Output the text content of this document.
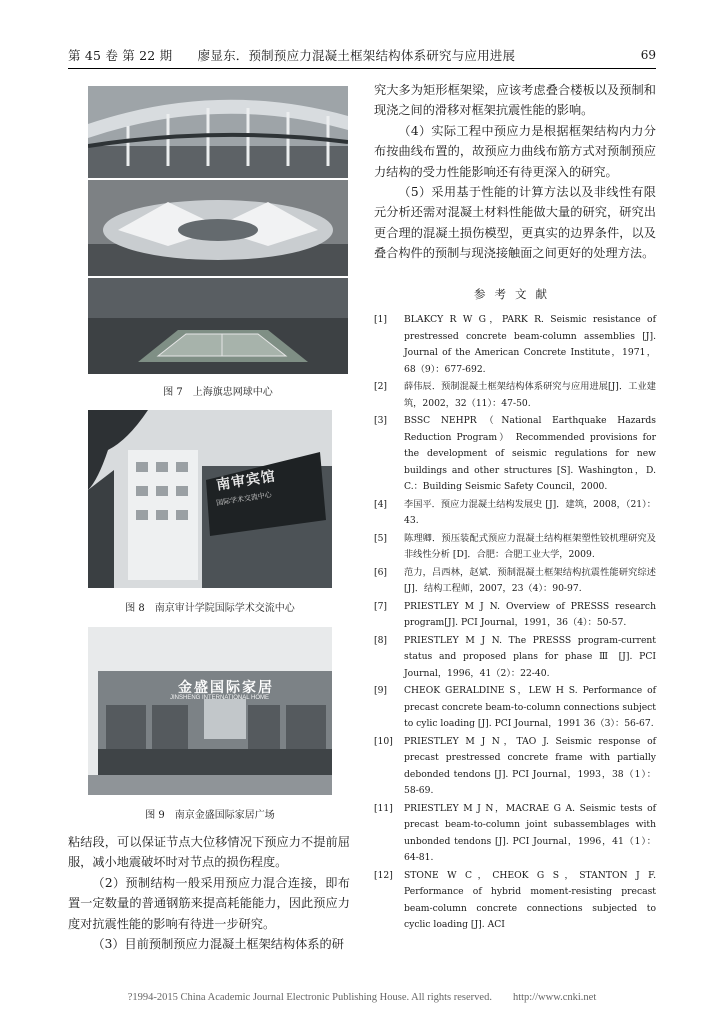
第 45 卷 第 22 期　　廖显东．预制预应力混凝土框架结构体系研究与应用进展	69
图 7　上海旗忠网球中心
南审宾馆
国际学术交流中心
图 8　南京审计学院国际学术交流中心
金盛国际家居
JINSHENG INTERNATIONAL HOME
图 9　南京金盛国际家居广场

粘结段，可以保证节点大位移情况下预应力不提前屈服，减小地震破坏时对节点的损伤程度。

（2）预制结构一般采用预应力混合连接，即布置一定数量的普通钢筋来提高耗能能力，因此预应力度对抗震性能的影响有待进一步研究。

（3）目前预制预应力混凝土框架结构体系的研

究大多为矩形框架梁，应该考虑叠合楼板以及预制和现浇之间的滑移对框架抗震性能的影响。

（4）实际工程中预应力是根据框架结构内力分布按曲线布置的，故预应力曲线布筋方式对预制预应力结构的受力性能影响还有待更深入的研究。

（5）采用基于性能的计算方法以及非线性有限元分析还需对混凝土材料性能做大量的研究，研究出更合理的混凝土损伤模型，更真实的边界条件，以及叠合构件的预制与现浇接触面之间更好的处理方法。

参考文献
[1] BLAKCY R W G，PARK R. Seismic resistance of prestressed concrete beam-column assemblies [J]. Journal of the American Concrete Institute，1971，68（9）：677-692.
[2] 薛伟辰．预制混凝土框架结构体系研究与应用进展[J]．工业建筑，2002，32（11）：47-50.
[3] BSSC NEHPR（National Earthquake Hazards Reduction Program） Recommended provisions for the development of seismic regulations for new buildings and other structures [S]. Washington，D. C.：Building Seismic Safety Council，2000.
[4] 李国平．预应力混凝土结构发展史 [J]．建筑，2008，（21）：43.
[5] 陈理卿．预压装配式预应力混凝土结构框架塑性铰机理研究及非线性分析 [D]．合肥：合肥工业大学，2009.
[6] 范力，吕西林，赵斌．预制混凝土框架结构抗震性能研究综述 [J]．结构工程师，2007，23（4）：90-97.
[7] PRIESTLEY M J N. Overview of PRESSS research program[J]. PCI Journal，1991，36（4）：50-57.
[8] PRIESTLEY M J N. The PRESSS program-current status and proposed plans for phase Ⅲ [J]. PCI Journal，1996，41（2）：22-40.
[9] CHEOK GERALDINE S，LEW H S. Performance of precast concrete beam-to-column connections subject to cylic loading [J]. PCI Journal，1991 36（3）：56-67.
[10] PRIESTLEY M J N，TAO J. Seismic response of precast prestressed concrete frame with partially debonded tendons [J]. PCI Journal，1993，38（1）：58-69.
[11] PRIESTLEY M J N，MACRAE G A. Seismic tests of precast beam-to-column joint subassemblages with unbonded tendons [J]. PCI Journal，1996，41（1）：64-81.
[12] STONE W C，CHEOK G S，STANTON J F. Performance of hybrid moment-resisting precast beam-column concrete connections subjected to cyclic loading [J]. ACI
?1994-2015 China Academic Journal Electronic Publishing House. All rights reserved.　　http://www.cnki.net
